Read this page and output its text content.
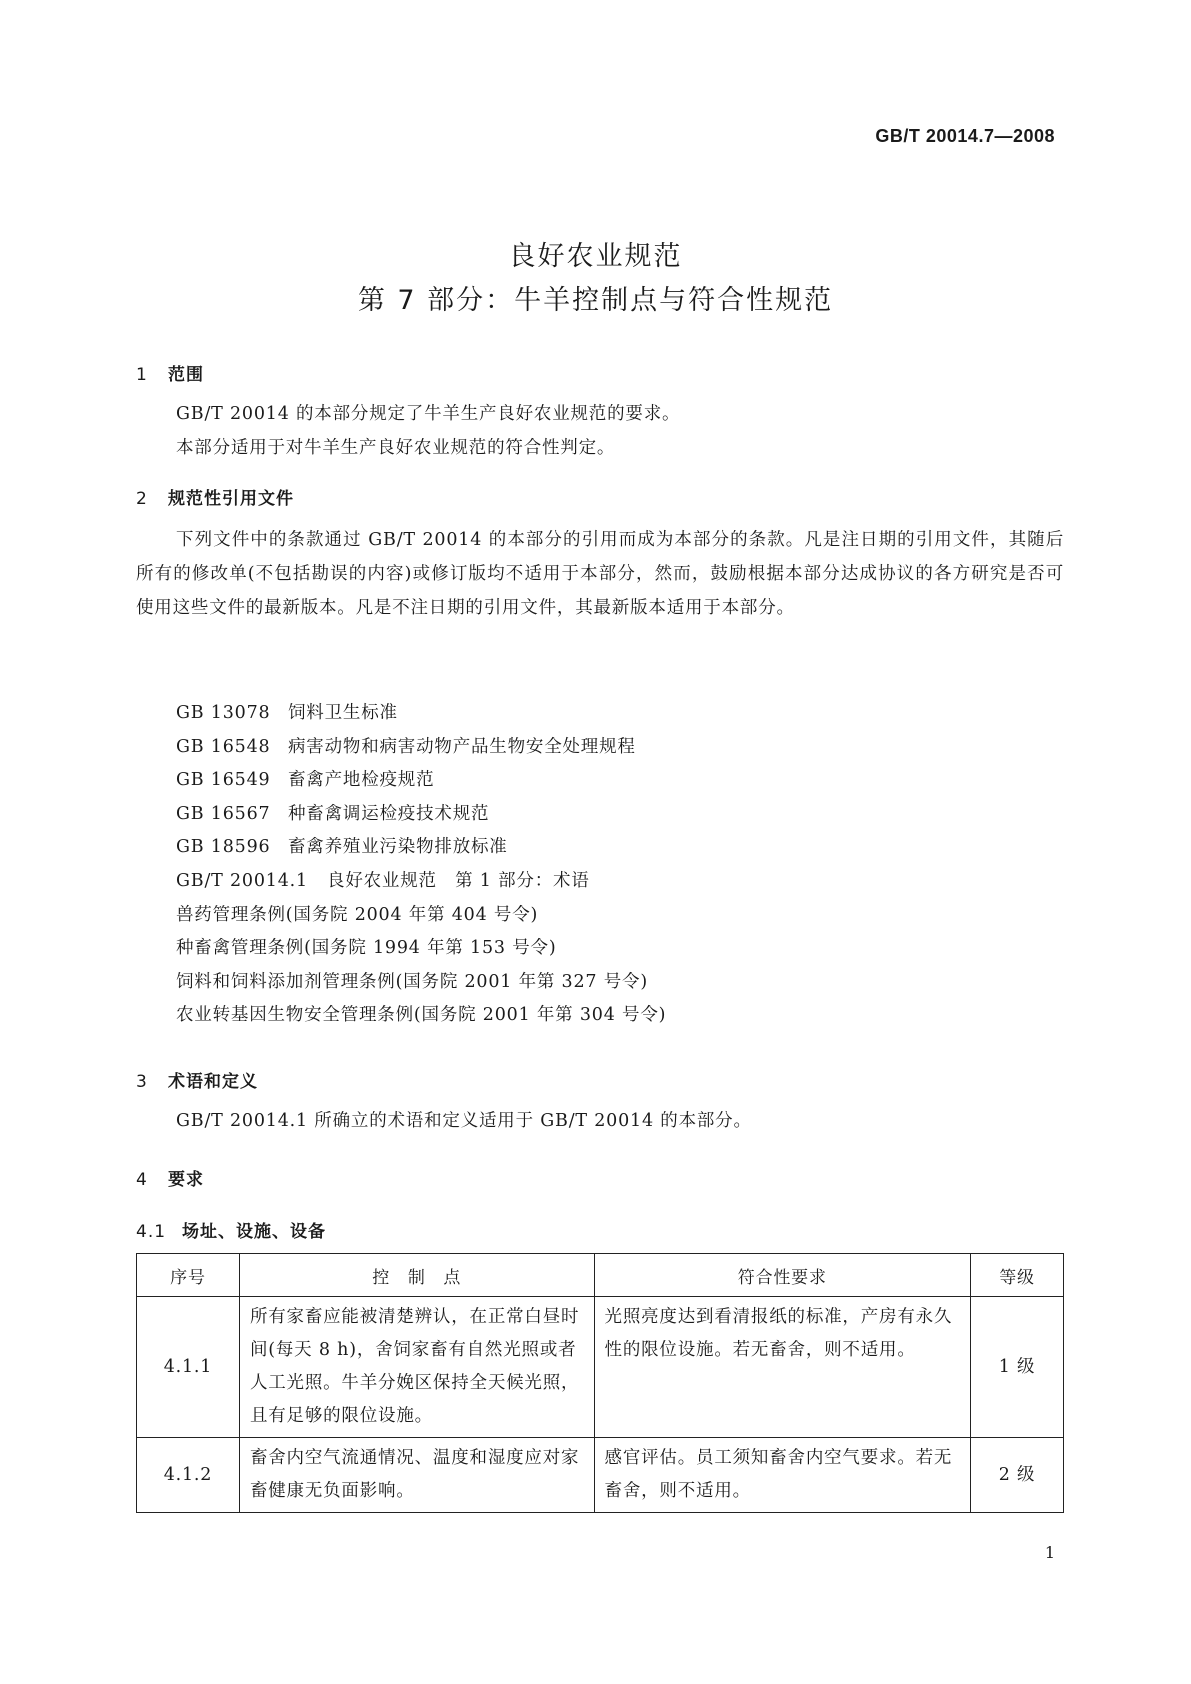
GB/T 20014.7—2008
良好农业规范
第 7 部分：牛羊控制点与符合性规范
1 范围

GB/T 20014 的本部分规定了牛羊生产良好农业规范的要求。

本部分适用于对牛羊生产良好农业规范的符合性判定。

2 规范性引用文件

下列文件中的条款通过 GB/T 20014 的本部分的引用而成为本部分的条款。凡是注日期的引用文件，其随后所有的修改单(不包括勘误的内容)或修订版均不适用于本部分，然而，鼓励根据本部分达成协议的各方研究是否可使用这些文件的最新版本。凡是不注日期的引用文件，其最新版本适用于本部分。

GB 13078 饲料卫生标准
GB 16548 病害动物和病害动物产品生物安全处理规程
GB 16549 畜禽产地检疫规范
GB 16567 种畜禽调运检疫技术规范
GB 18596 畜禽养殖业污染物排放标准
GB/T 20014.1 良好农业规范　第 1 部分：术语
兽药管理条例(国务院 2004 年第 404 号令)
种畜禽管理条例(国务院 1994 年第 153 号令)
饲料和饲料添加剂管理条例(国务院 2001 年第 327 号令)
农业转基因生物安全管理条例(国务院 2001 年第 304 号令)
3 术语和定义

GB/T 20014.1 所确立的术语和定义适用于 GB/T 20014 的本部分。

4 要求
4.1 场址、设施、设备
序号	控　制　点	符合性要求	等级
4.1.1	所有家畜应能被清楚辨认，在正常白昼时间(每天 8 h)，舍饲家畜有自然光照或者人工光照。牛羊分娩区保持全天候光照，且有足够的限位设施。	光照亮度达到看清报纸的标准，产房有永久性的限位设施。若无畜舍，则不适用。	1 级
4.1.2	畜舍内空气流通情况、温度和湿度应对家畜健康无负面影响。	感官评估。员工须知畜舍内空气要求。若无畜舍，则不适用。	2 级
1
